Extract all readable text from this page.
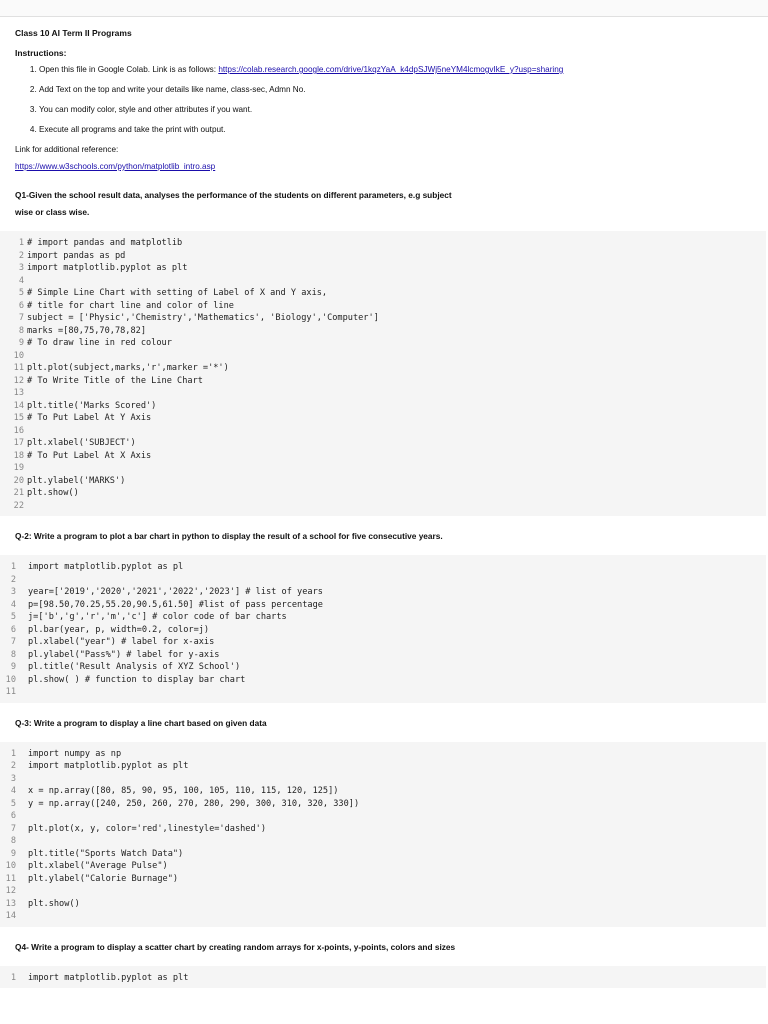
Class 10 AI Term II Programs
Instructions:
1. Open this file in Google Colab. Link is as follows: https://colab.research.google.com/drive/1kqzYaA_k4dpSJWj5neYM4lcmogvIkE_y?usp=sharing
2. Add Text on the top and write your details like name, class-sec, Admn No.
3. You can modify color, style and other attributes if you want.
4. Execute all programs and take the print with output.
Link for additional reference:
https://www.w3schools.com/python/matplotlib_intro.asp
Q1-Given the school result data, analyses the performance of the students on different parameters, e.g subject wise or class wise.
1 # import pandas and matplotlib
2 import pandas as pd
3 import matplotlib.pyplot as plt
4
5 # Simple Line Chart with setting of Label of X and Y axis,
6 # title for chart line and color of line
7 subject = ['Physic','Chemistry','Mathematics', 'Biology','Computer']
8 marks =[80,75,70,78,82]
9 # To draw line in red colour
10
11 plt.plot(subject,marks,'r',marker ='*')
12 # To Write Title of the Line Chart
13
14 plt.title('Marks Scored')
15 # To Put Label At Y Axis
16
17 plt.xlabel('SUBJECT')
18 # To Put Label At X Axis
19
20 plt.ylabel('MARKS')
21 plt.show()
22
Q-2: Write a program to plot a bar chart in python to display the result of a school for five consecutive years.
1	import matplotlib.pyplot as pl
2
3	year=['2019','2020','2021','2022','2023'] # list of years
4	p=[98.50,70.25,55.20,90.5,61.50] #list of pass percentage
5	j=['b','g','r','m','c'] # color code of bar charts
6	pl.bar(year, p, width=0.2, color=j)
7	pl.xlabel("year") # label for x-axis
8	pl.ylabel("Pass%") # label for y-axis
9	pl.title('Result Analysis of XYZ School')
10	pl.show( ) # function to display bar chart
11
Q-3: Write a program to display a line chart based on given data
1	import numpy as np
2	import matplotlib.pyplot as plt
3
4	x = np.array([80, 85, 90, 95, 100, 105, 110, 115, 120, 125])
5	y = np.array([240, 250, 260, 270, 280, 290, 300, 310, 320, 330])
6
7	plt.plot(x, y, color='red',linestyle='dashed')
8
9	plt.title("Sports Watch Data")
10	plt.xlabel("Average Pulse")
11	plt.ylabel("Calorie Burnage")
12
13	plt.show()
14
Q4- Write a program to display a scatter chart by creating random arrays for x-points, y-points, colors and sizes
1	import matplotlib.pyplot as plt
